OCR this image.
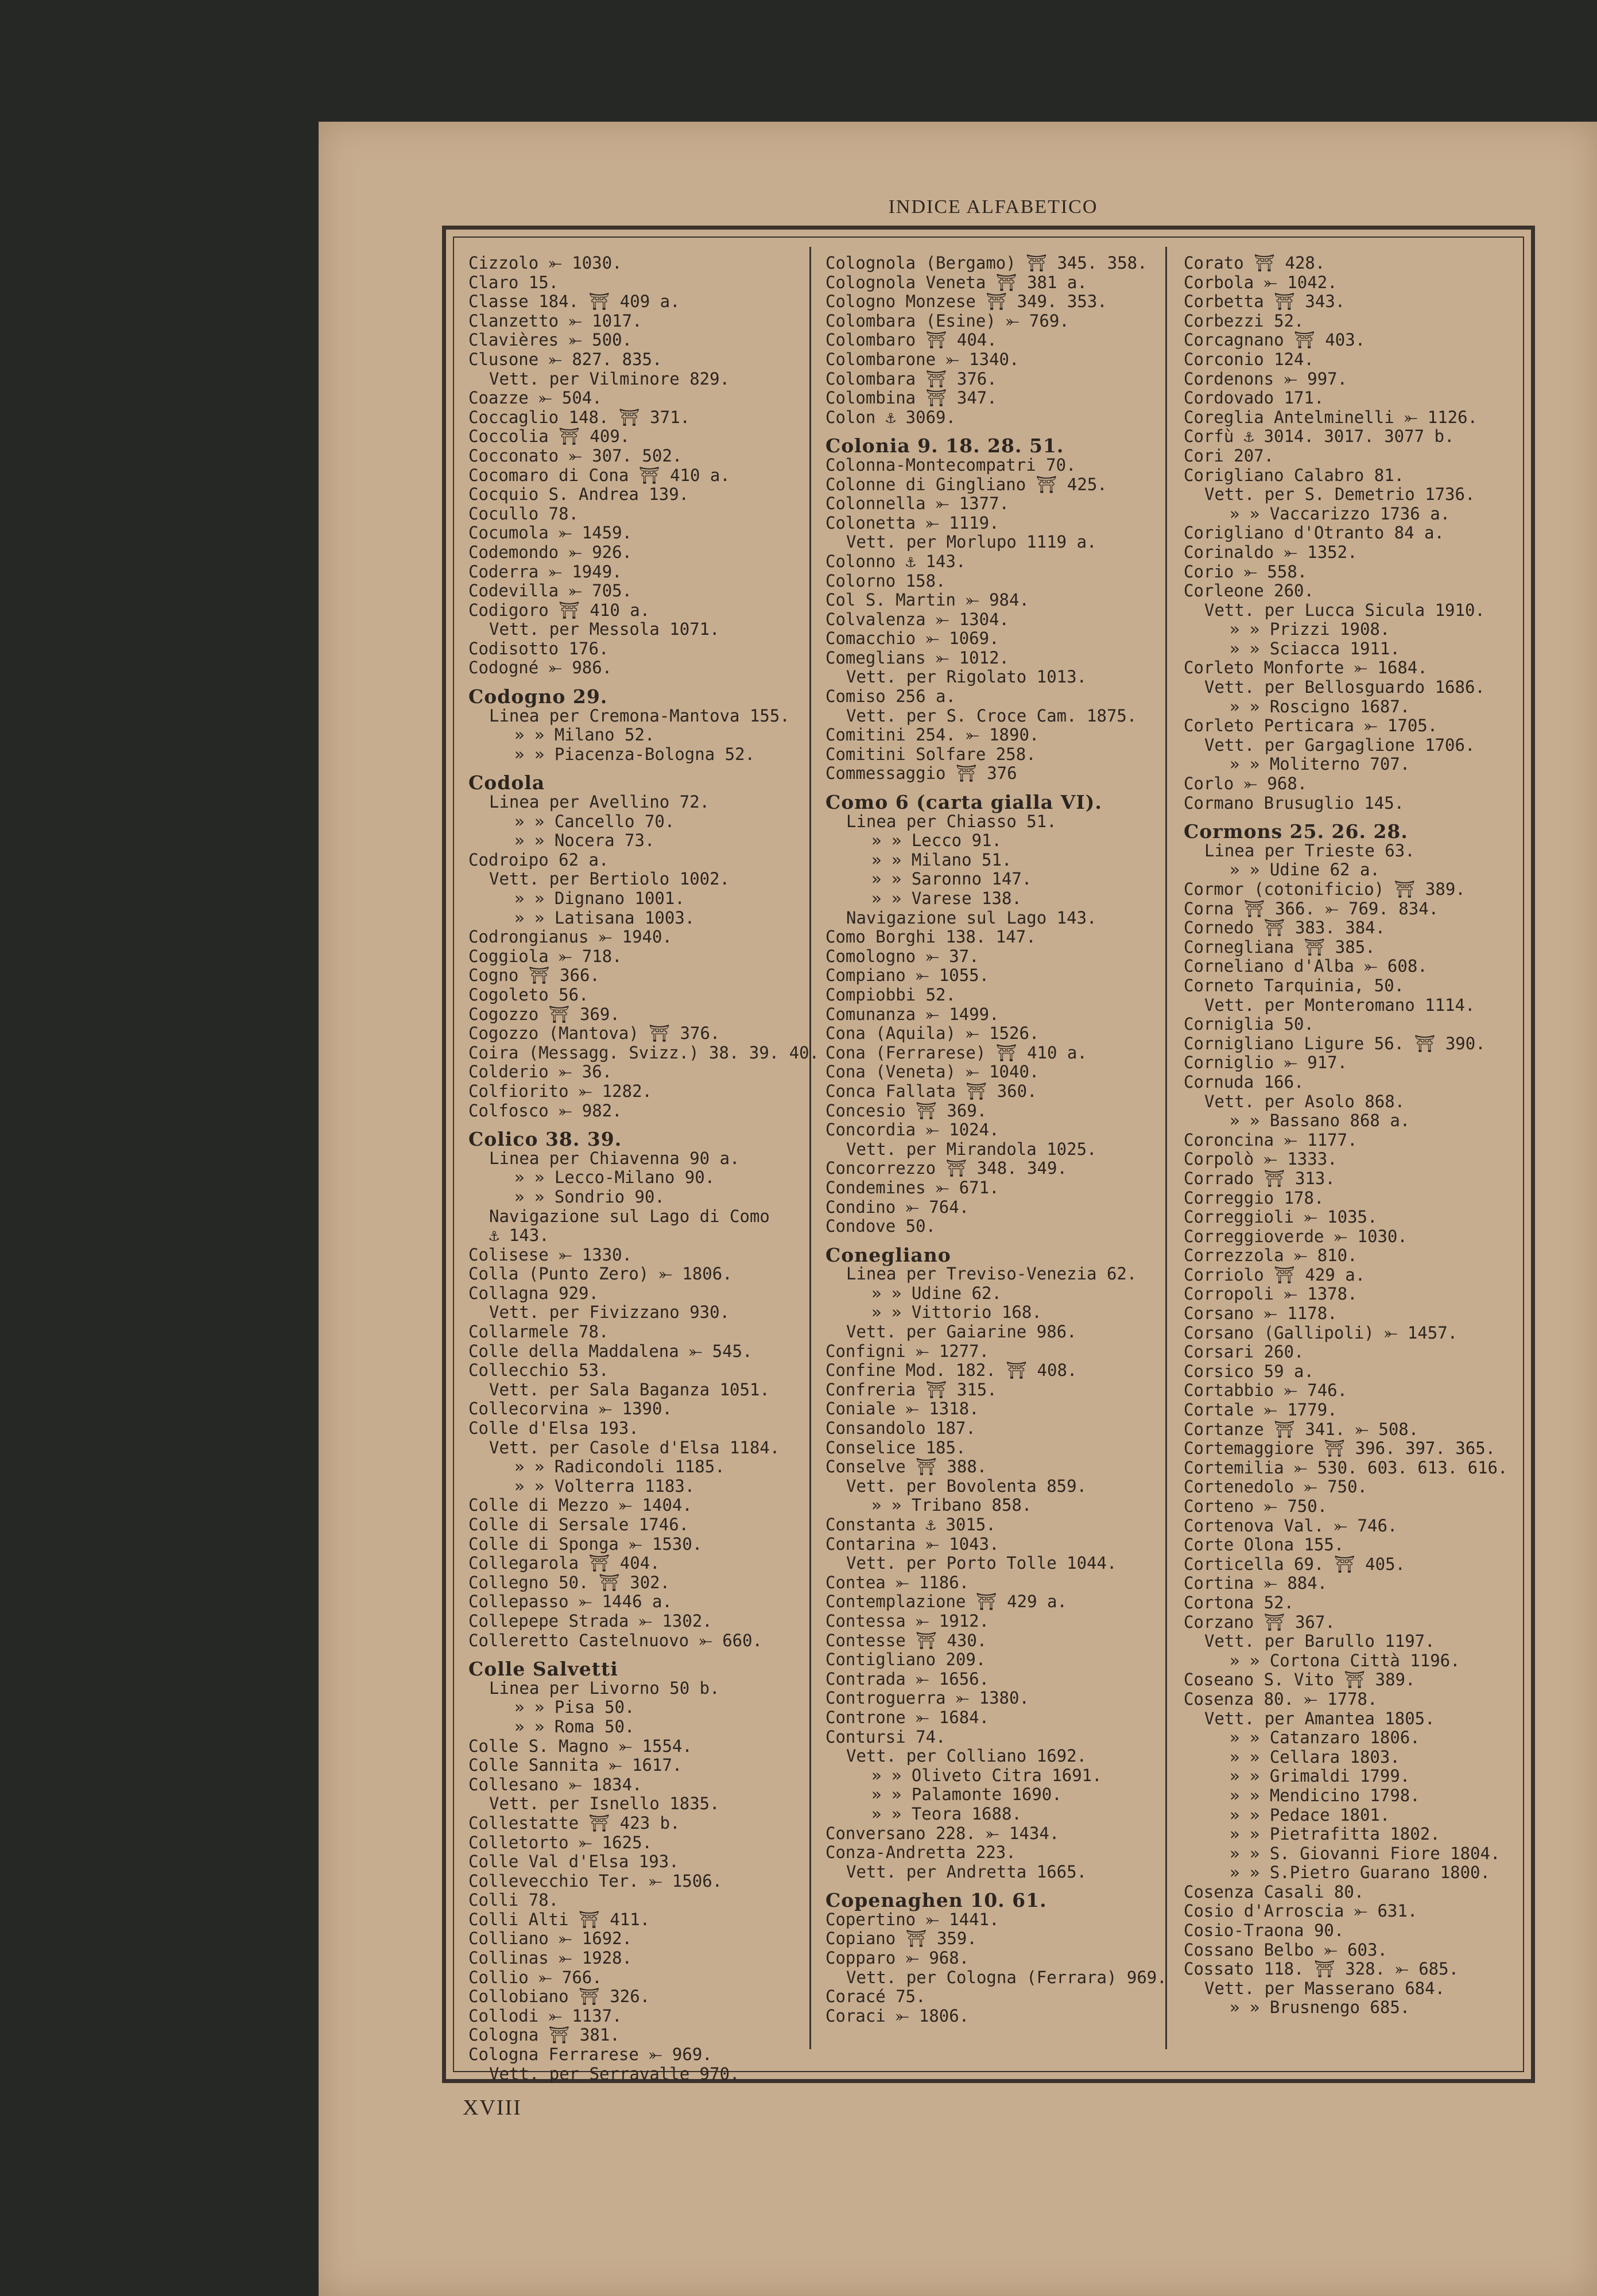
INDICE ALFABETICO
Cizzolo ⤜ 1030.
Claro 15.
Classe 184. ⛩ 409 a.
Clanzetto ⤜ 1017.
Clavières ⤜ 500.
Clusone ⤜ 827. 835.
Vett. per Vilminore 829.
Coazze ⤜ 504.
Coccaglio 148. ⛩ 371.
Coccolia ⛩ 409.
Cocconato ⤜ 307. 502.
Cocomaro di Cona ⛩ 410 a.
Cocquio S. Andrea 139.
Cocullo 78.
Cocumola ⤜ 1459.
Codemondo ⤜ 926.
Coderra ⤜ 1949.
Codevilla ⤜ 705.
Codigoro ⛩ 410 a.
Vett. per Messola 1071.
Codisotto 176.
Codogné ⤜ 986.
Codogno 29.
Linea per Cremona-Mantova 155.
» » Milano 52.
» » Piacenza-Bologna 52.
Codola
Linea per Avellino 72.
» » Cancello 70.
» » Nocera 73.
Codroipo 62 a.
Vett. per Bertiolo 1002.
» » Dignano 1001.
» » Latisana 1003.
Codrongianus ⤜ 1940.
Coggiola ⤜ 718.
Cogno ⛩ 366.
Cogoleto 56.
Cogozzo ⛩ 369.
Cogozzo (Mantova) ⛩ 376.
Coira (Messagg. Svizz.) 38. 39. 40.
Colderio ⤜ 36.
Colfiorito ⤜ 1282.
Colfosco ⤜ 982.
Colico 38. 39.
Linea per Chiavenna 90 a.
» » Lecco-Milano 90.
» » Sondrio 90.
Navigazione sul Lago di Como
⚓ 143.
Colisese ⤜ 1330.
Colla (Punto Zero) ⤜ 1806.
Collagna 929.
Vett. per Fivizzano 930.
Collarmele 78.
Colle della Maddalena ⤜ 545.
Collecchio 53.
Vett. per Sala Baganza 1051.
Collecorvina ⤜ 1390.
Colle d'Elsa 193.
Vett. per Casole d'Elsa 1184.
» » Radicondoli 1185.
» » Volterra 1183.
Colle di Mezzo ⤜ 1404.
Colle di Sersale 1746.
Colle di Sponga ⤜ 1530.
Collegarola ⛩ 404.
Collegno 50. ⛩ 302.
Collepasso ⤜ 1446 a.
Collepepe Strada ⤜ 1302.
Colleretto Castelnuovo ⤜ 660.
Colle Salvetti
Linea per Livorno 50 b.
» » Pisa 50.
» » Roma 50.
Colle S. Magno ⤜ 1554.
Colle Sannita ⤜ 1617.
Collesano ⤜ 1834.
Vett. per Isnello 1835.
Collestatte ⛩ 423 b.
Colletorto ⤜ 1625.
Colle Val d'Elsa 193.
Collevecchio Ter. ⤜ 1506.
Colli 78.
Colli Alti ⛩ 411.
Colliano ⤜ 1692.
Collinas ⤜ 1928.
Collio ⤜ 766.
Collobiano ⛩ 326.
Collodi ⤜ 1137.
Cologna ⛩ 381.
Cologna Ferrarese ⤜ 969.
Vett. per Serravalle 970.
Colognola (Bergamo) ⛩ 345. 358.
Colognola Veneta ⛩ 381 a.
Cologno Monzese ⛩ 349. 353.
Colombara (Esine) ⤜ 769.
Colombaro ⛩ 404.
Colombarone ⤜ 1340.
Colombara ⛩ 376.
Colombina ⛩ 347.
Colon ⚓ 3069.
Colonia 9. 18. 28. 51.
Colonna-Montecompatri 70.
Colonne di Gingliano ⛩ 425.
Colonnella ⤜ 1377.
Colonetta ⤜ 1119.
Vett. per Morlupo 1119 a.
Colonno ⚓ 143.
Colorno 158.
Col S. Martin ⤜ 984.
Colvalenza ⤜ 1304.
Comacchio ⤜ 1069.
Comeglians ⤜ 1012.
Vett. per Rigolato 1013.
Comiso 256 a.
Vett. per S. Croce Cam. 1875.
Comitini 254. ⤜ 1890.
Comitini Solfare 258.
Commessaggio ⛩ 376
Como 6 (carta gialla VI).
Linea per Chiasso 51.
» » Lecco 91.
» » Milano 51.
» » Saronno 147.
» » Varese 138.
Navigazione sul Lago 143.
Como Borghi 138. 147.
Comologno ⤜ 37.
Compiano ⤜ 1055.
Compiobbi 52.
Comunanza ⤜ 1499.
Cona (Aquila) ⤜ 1526.
Cona (Ferrarese) ⛩ 410 a.
Cona (Veneta) ⤜ 1040.
Conca Fallata ⛩ 360.
Concesio ⛩ 369.
Concordia ⤜ 1024.
Vett. per Mirandola 1025.
Concorrezzo ⛩ 348. 349.
Condemines ⤜ 671.
Condino ⤜ 764.
Condove 50.
Conegliano
Linea per Treviso-Venezia 62.
» » Udine 62.
» » Vittorio 168.
Vett. per Gaiarine 986.
Configni ⤜ 1277.
Confine Mod. 182. ⛩ 408.
Confreria ⛩ 315.
Coniale ⤜ 1318.
Consandolo 187.
Conselice 185.
Conselve ⛩ 388.
Vett. per Bovolenta 859.
» » Tribano 858.
Constanta ⚓ 3015.
Contarina ⤜ 1043.
Vett. per Porto Tolle 1044.
Contea ⤜ 1186.
Contemplazione ⛩ 429 a.
Contessa ⤜ 1912.
Contesse ⛩ 430.
Contigliano 209.
Contrada ⤜ 1656.
Controguerra ⤜ 1380.
Controne ⤜ 1684.
Contursi 74.
Vett. per Colliano 1692.
» » Oliveto Citra 1691.
» » Palamonte 1690.
» » Teora 1688.
Conversano 228. ⤜ 1434.
Conza-Andretta 223.
Vett. per Andretta 1665.
Copenaghen 10. 61.
Copertino ⤜ 1441.
Copiano ⛩ 359.
Copparo ⤜ 968.
Vett. per Cologna (Ferrara) 969.
Coracé 75.
Coraci ⤜ 1806.
Corato ⛩ 428.
Corbola ⤜ 1042.
Corbetta ⛩ 343.
Corbezzi 52.
Corcagnano ⛩ 403.
Corconio 124.
Cordenons ⤜ 997.
Cordovado 171.
Coreglia Antelminelli ⤜ 1126.
Corfù ⚓ 3014. 3017. 3077 b.
Cori 207.
Corigliano Calabro 81.
Vett. per S. Demetrio 1736.
» » Vaccarizzo 1736 a.
Corigliano d'Otranto 84 a.
Corinaldo ⤜ 1352.
Corio ⤜ 558.
Corleone 260.
Vett. per Lucca Sicula 1910.
» » Prizzi 1908.
» » Sciacca 1911.
Corleto Monforte ⤜ 1684.
Vett. per Bellosguardo 1686.
» » Roscigno 1687.
Corleto Perticara ⤜ 1705.
Vett. per Gargaglione 1706.
» » Moliterno 707.
Corlo ⤜ 968.
Cormano Brusuglio 145.
Cormons 25. 26. 28.
Linea per Trieste 63.
» » Udine 62 a.
Cormor (cotonificio) ⛩ 389.
Corna ⛩ 366. ⤜ 769. 834.
Cornedo ⛩ 383. 384.
Cornegliana ⛩ 385.
Corneliano d'Alba ⤜ 608.
Corneto Tarquinia, 50.
Vett. per Monteromano 1114.
Corniglia 50.
Cornigliano Ligure 56. ⛩ 390.
Corniglio ⤜ 917.
Cornuda 166.
Vett. per Asolo 868.
» » Bassano 868 a.
Coroncina ⤜ 1177.
Corpolò ⤜ 1333.
Corrado ⛩ 313.
Correggio 178.
Correggioli ⤜ 1035.
Correggioverde ⤜ 1030.
Correzzola ⤜ 810.
Corriolo ⛩ 429 a.
Corropoli ⤜ 1378.
Corsano ⤜ 1178.
Corsano (Gallipoli) ⤜ 1457.
Corsari 260.
Corsico 59 a.
Cortabbio ⤜ 746.
Cortale ⤜ 1779.
Cortanze ⛩ 341. ⤜ 508.
Cortemaggiore ⛩ 396. 397. 365.
Cortemilia ⤜ 530. 603. 613. 616.
Cortenedolo ⤜ 750.
Corteno ⤜ 750.
Cortenova Val. ⤜ 746.
Corte Olona 155.
Corticella 69. ⛩ 405.
Cortina ⤜ 884.
Cortona 52.
Corzano ⛩ 367.
Vett. per Barullo 1197.
» » Cortona Città 1196.
Coseano S. Vito ⛩ 389.
Cosenza 80. ⤜ 1778.
Vett. per Amantea 1805.
» » Catanzaro 1806.
» » Cellara 1803.
» » Grimaldi 1799.
» » Mendicino 1798.
» » Pedace 1801.
» » Pietrafitta 1802.
» » S. Giovanni Fiore 1804.
» » S.Pietro Guarano 1800.
Cosenza Casali 80.
Cosio d'Arroscia ⤜ 631.
Cosio-Traona 90.
Cossano Belbo ⤜ 603.
Cossato 118. ⛩ 328. ⤜ 685.
Vett. per Masserano 684.
» » Brusnengo 685.
XVIII
